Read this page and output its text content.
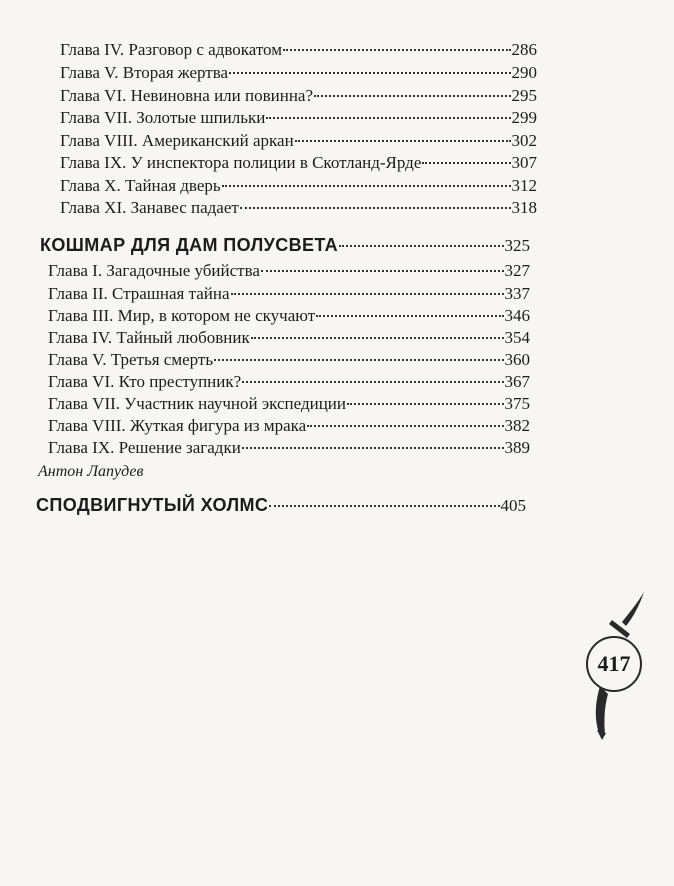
Глава IV. Разговор с адвокатом	286
Глава V. Вторая жертва	290
Глава VI. Невиновна или повинна?	295
Глава VII. Золотые шпильки	299
Глава VIII. Американский аркан	302
Глава IX. У инспектора полиции в Скотланд-Ярде	307
Глава X. Тайная дверь	312
Глава XI. Занавес падает	318
КОШМАР ДЛЯ ДАМ ПОЛУСВЕТА	325
Глава I. Загадочные убийства	327
Глава II. Страшная тайна	337
Глава III. Мир, в котором не скучают	346
Глава IV. Тайный любовник	354
Глава V. Третья смерть	360
Глава VI. Кто преступник?	367
Глава VII. Участник научной экспедиции	375
Глава VIII. Жуткая фигура из мрака	382
Глава IX. Решение загадки	389
Антон Лапудев
СПОДВИГНУТЫЙ ХОЛМС	405
417
